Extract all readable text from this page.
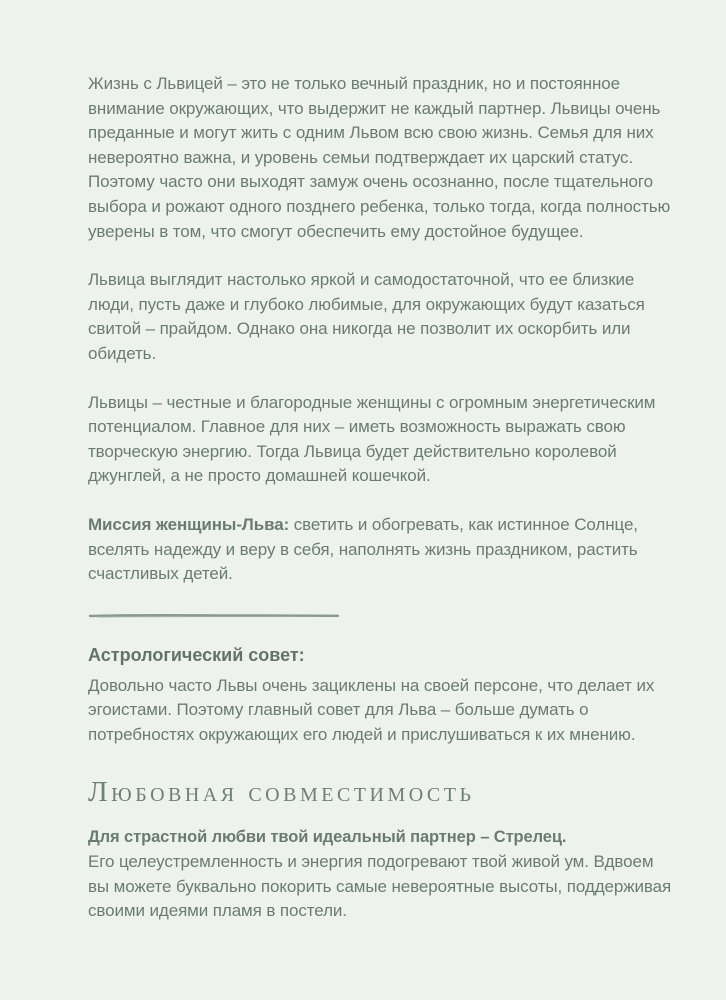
Жизнь с Львицей – это не только вечный праздник, но и постоянное внимание окружающих, что выдержит не каждый партнер. Львицы очень преданные и могут жить с одним Львом всю свою жизнь. Семья для них невероятно важна, и уровень семьи подтверждает их царский статус. Поэтому часто они выходят замуж очень осознанно, после тщательного выбора и рожают одного позднего ребенка, только тогда, когда полностью уверены в том, что смогут обеспечить ему достойное будущее.

Львица выглядит настолько яркой и самодостаточной, что ее близкие люди, пусть даже и глубоко любимые, для окружающих будут казаться свитой – прайдом. Однако она никогда не позволит их оскорбить или обидеть.

Львицы – честные и благородные женщины с огромным энергетическим потенциалом. Главное для них – иметь возможность выражать свою творческую энергию. Тогда Львица будет действительно королевой джунглей, а не просто домашней кошечкой.

Миссия женщины-Льва: светить и обогревать, как истинное Солнце, вселять надежду и веру в себя, наполнять жизнь праздником, растить счастливых детей.

Астрологический совет:

Довольно часто Львы очень зациклены на своей персоне, что делает их эгоистами. Поэтому главный совет для Льва – больше думать о потребностях окружающих его людей и прислушиваться к их мнению.

Любовная совместимость

Для страстной любви твой идеальный партнер – Стрелец.

Его целеустремленность и энергия подогревают твой живой ум. Вдвоем вы можете буквально покорить самые невероятные высоты, поддерживая своими идеями пламя в постели.
